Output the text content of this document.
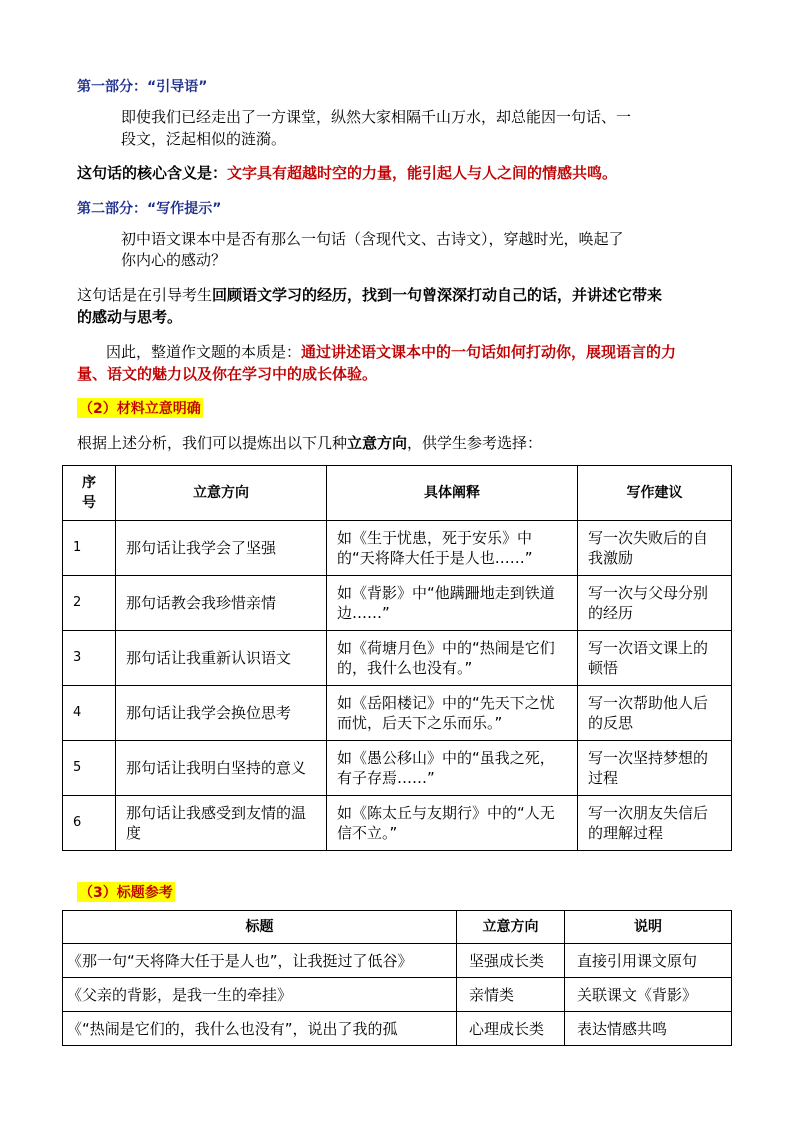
第一部分：“引导语”
即使我们已经走出了一方课堂，纵然大家相隔千山万水，却总能因一句话、一
段文，泛起相似的涟漪。
这句话的核心含义是：文字具有超越时空的力量，能引起人与人之间的情感共鸣。
第二部分：“写作提示”
初中语文课本中是否有那么一句话（含现代文、古诗文），穿越时光，唤起了
你内心的感动？
这句话是在引导考生回顾语文学习的经历，找到一句曾深深打动自己的话，并讲述它带来
的感动与思考。
因此，整道作文题的本质是：通过讲述语文课本中的一句话如何打动你，展现语言的力
量、语文的魅力以及你在学习中的成长体验。
（2）材料立意明确
根据上述分析，我们可以提炼出以下几种立意方向，供学生参考选择：
序号	立意方向	具体阐释	写作建议
1	那句话让我学会了坚强	如《生于忧患，死于安乐》中的“天将降大任于是人也……”	写一次失败后的自我激励
2	那句话教会我珍惜亲情	如《背影》中“他蹒跚地走到铁道边……”	写一次与父母分别的经历
3	那句话让我重新认识语文	如《荷塘月色》中的“热闹是它们的，我什么也没有。”	写一次语文课上的顿悟
4	那句话让我学会换位思考	如《岳阳楼记》中的“先天下之忧而忧，后天下之乐而乐。”	写一次帮助他人后的反思
5	那句话让我明白坚持的意义	如《愚公移山》中的“虽我之死，有子存焉……”	写一次坚持梦想的过程
6	那句话让我感受到友情的温度	如《陈太丘与友期行》中的“人无信不立。”	写一次朋友失信后的理解过程
（3）标题参考
标题	立意方向	说明
《那一句“天将降大任于是人也”，让我挺过了低谷》	坚强成长类	直接引用课文原句
《父亲的背影，是我一生的牵挂》	亲情类	关联课文《背影》
《“热闹是它们的，我什么也没有”，说出了我的孤	心理成长类	表达情感共鸣
